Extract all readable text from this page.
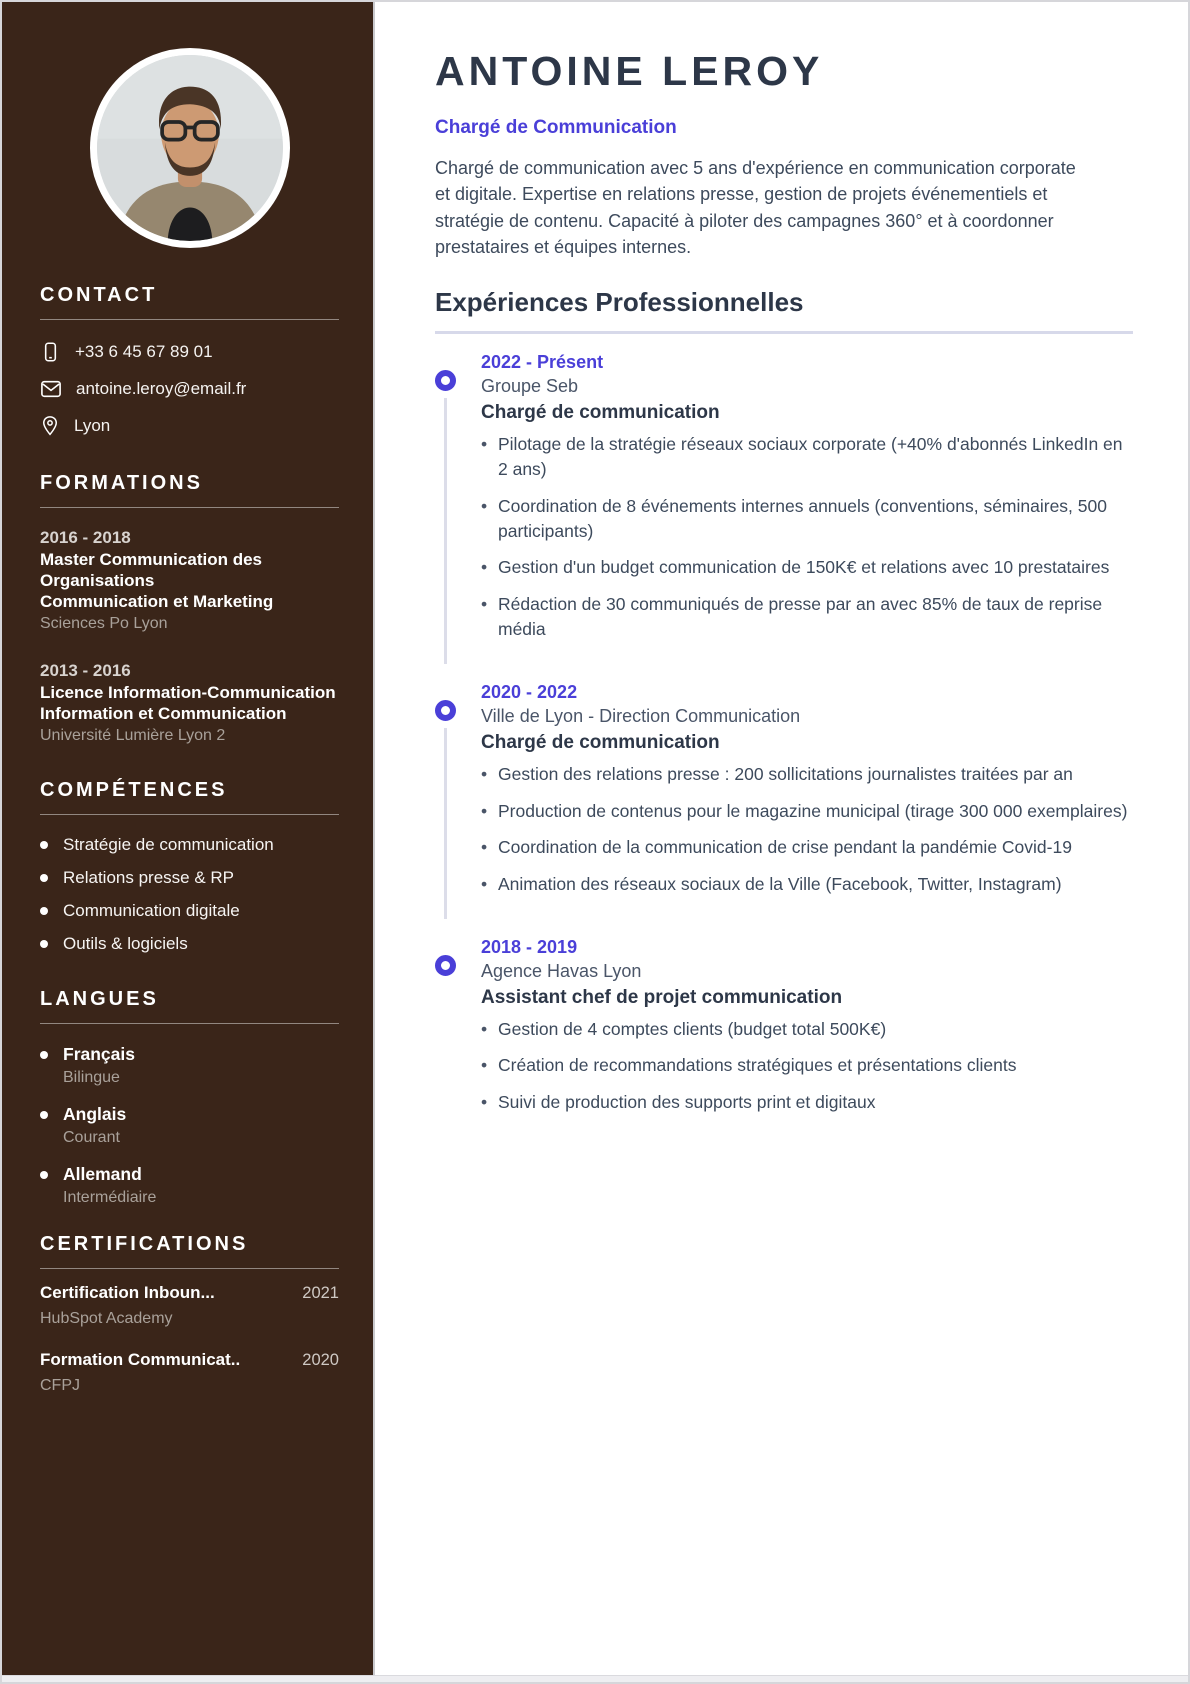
CONTACT
+33 6 45 67 89 01
antoine.leroy@email.fr
Lyon
FORMATIONS
2016 - 2018
Master Communication des Organisations
Communication et Marketing
Sciences Po Lyon
2013 - 2016
Licence Information-Communication
Information et Communication
Université Lumière Lyon 2
COMPÉTENCES
Stratégie de communication
Relations presse & RP
Communication digitale
Outils & logiciels
LANGUES
Français
Bilingue
Anglais
Courant
Allemand
Intermédiaire
CERTIFICATIONS
Certification Inboun...	2021
HubSpot Academy
Formation Communicat..	2020
CFPJ
ANTOINE LEROY
Chargé de Communication

Chargé de communication avec 5 ans d'expérience en communication corporate et digitale. Expertise en relations presse, gestion de projets événementiels et stratégie de contenu. Capacité à piloter des campagnes 360° et à coordonner prestataires et équipes internes.

Expériences Professionnelles
2022 - Présent
Groupe Seb
Chargé de communication
• Pilotage de la stratégie réseaux sociaux corporate (+40% d'abonnés LinkedIn en 2 ans)
• Coordination de 8 événements internes annuels (conventions, séminaires, 500 participants)
• Gestion d'un budget communication de 150K€ et relations avec 10 prestataires
• Rédaction de 30 communiqués de presse par an avec 85% de taux de reprise média
2020 - 2022
Ville de Lyon - Direction Communication
Chargé de communication
• Gestion des relations presse : 200 sollicitations journalistes traitées par an
• Production de contenus pour le magazine municipal (tirage 300 000 exemplaires)
• Coordination de la communication de crise pendant la pandémie Covid-19
• Animation des réseaux sociaux de la Ville (Facebook, Twitter, Instagram)
2018 - 2019
Agence Havas Lyon
Assistant chef de projet communication
• Gestion de 4 comptes clients (budget total 500K€)
• Création de recommandations stratégiques et présentations clients
• Suivi de production des supports print et digitaux
